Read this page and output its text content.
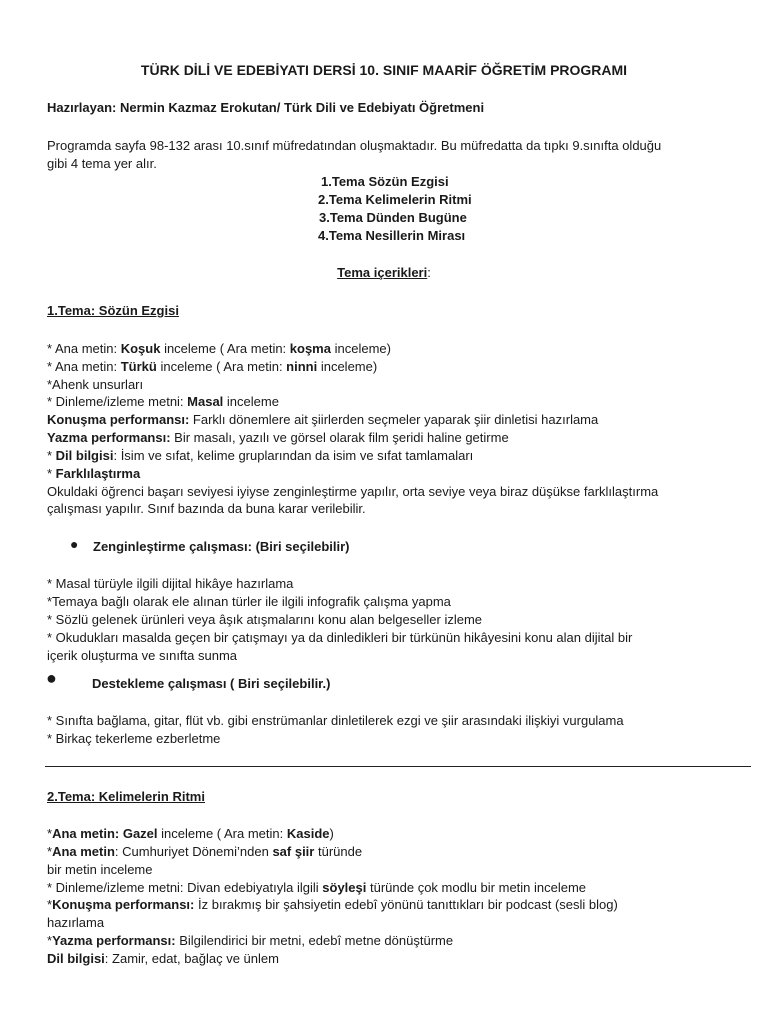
TÜRK DİLİ VE EDEBİYATI DERSİ 10. SINIF MAARİF ÖĞRETİM PROGRAMI
Hazırlayan: Nermin Kazmaz Erokutan/ Türk Dili ve Edebiyatı Öğretmeni
Programda sayfa 98-132 arası 10.sınıf müfredatından oluşmaktadır. Bu müfredatta da tıpkı 9.sınıfta olduğu
gibi 4 tema yer alır.
1.Tema Sözün Ezgisi
2.Tema Kelimelerin Ritmi
3.Tema Dünden Bugüne
4.Tema Nesillerin Mirası
Tema içerikleri:
1.Tema: Sözün Ezgisi
* Ana metin: Koşuk inceleme ( Ara metin: koşma inceleme)
* Ana metin: Türkü inceleme ( Ara metin: ninni inceleme)
*Ahenk unsurları
* Dinleme/izleme metni: Masal inceleme
Konuşma performansı: Farklı dönemlere ait şiirlerden seçmeler yaparak şiir dinletisi hazırlama
Yazma performansı: Bir masalı, yazılı ve görsel olarak film şeridi haline getirme
* Dil bilgisi: İsim ve sıfat, kelime gruplarından da isim ve sıfat tamlamaları
* Farklılaştırma
Okuldaki öğrenci başarı seviyesi iyiyse zenginleştirme yapılır, orta seviye veya biraz düşükse farklılaştırma
çalışması yapılır. Sınıf bazında da buna karar verilebilir.
● Zenginleştirme çalışması: (Biri seçilebilir)
* Masal türüyle ilgili dijital hikâye hazırlama
*Temaya bağlı olarak ele alınan türler ile ilgili infografik çalışma yapma
* Sözlü gelenek ürünleri veya âşık atışmalarını konu alan belgeseller izleme
* Okudukları masalda geçen bir çatışmayı ya da dinledikleri bir türkünün hikâyesini konu alan dijital bir
içerik oluşturma ve sınıfta sunma
●	Destekleme çalışması ( Biri seçilebilir.)
* Sınıfta bağlama, gitar, flüt vb. gibi enstrümanlar dinletilerek ezgi ve şiir arasındaki ilişkiyi vurgulama
* Birkaç tekerleme ezberletme
2.Tema: Kelimelerin Ritmi
*Ana metin: Gazel inceleme ( Ara metin: Kaside)
*Ana metin: Cumhuriyet Dönemi’nden saf şiir türünde
bir metin inceleme
* Dinleme/izleme metni: Divan edebiyatıyla ilgili söyleşi türünde çok modlu bir metin inceleme
*Konuşma performansı: İz bırakmış bir şahsiyetin edebî yönünü tanıttıkları bir podcast (sesli blog)
hazırlama
*Yazma performansı: Bilgilendirici bir metni, edebî metne dönüştürme
Dil bilgisi: Zamir, edat, bağlaç ve ünlem
